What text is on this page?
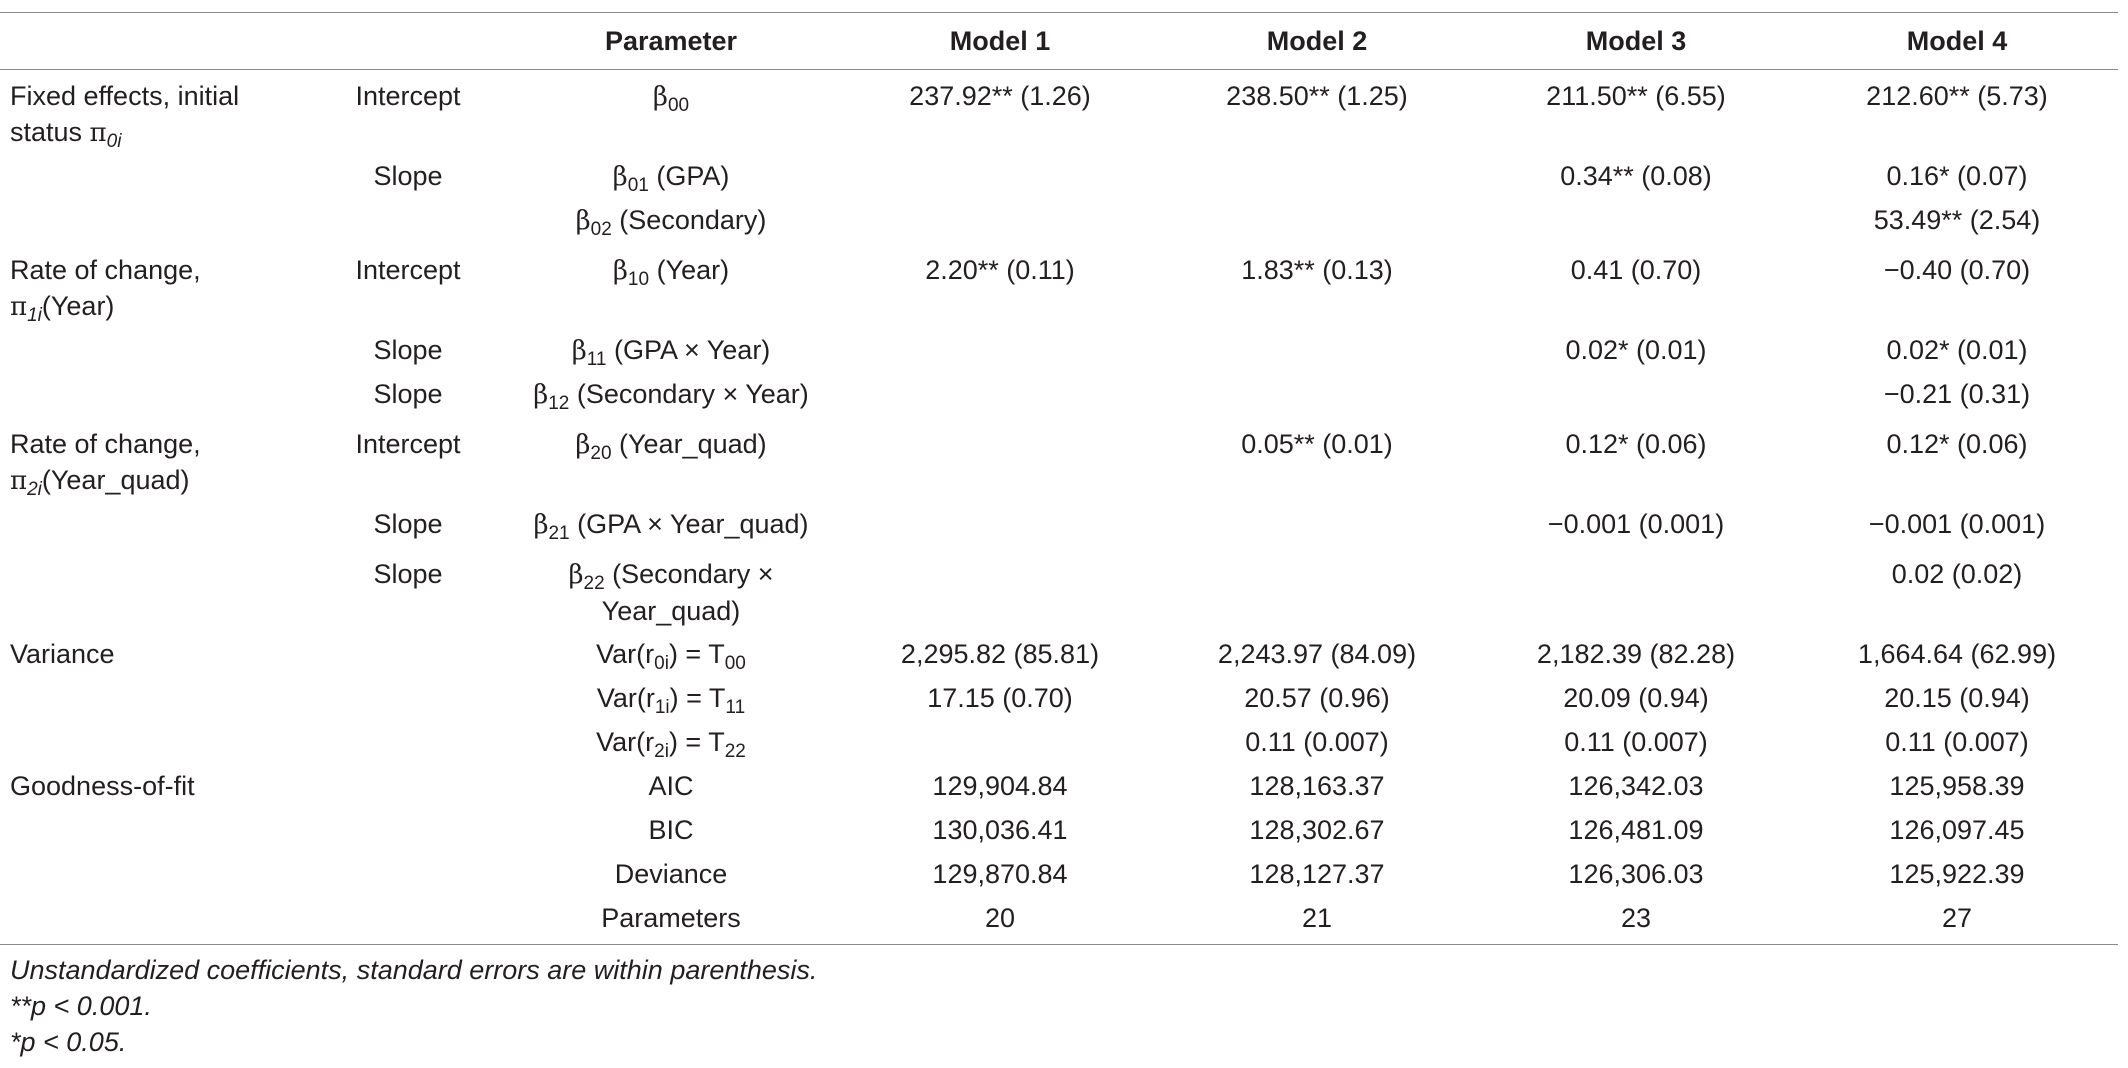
		Parameter	Model 1	Model 2	Model 3	Model 4
Fixed effects, initial status $\pi_{0i}$	Intercept	$\beta_{00}$	237.92** (1.26)	238.50** (1.25)	211.50** (6.55)	212.60** (5.73)
	Slope	$\beta_{01}$ (GPA)			0.34** (0.08)	0.16* (0.07)
		$\beta_{02}$ (Secondary)				53.49** (2.54)
Rate of change, $\pi_{1i}(Year)$	Intercept	$\beta_{10}$ (Year)	2.20** (0.11)	1.83** (0.13)	0.41 (0.70)	−0.40 (0.70)
	Slope	$\beta_{11}$ (GPA × Year)			0.02* (0.01)	0.02* (0.01)
	Slope	$\beta_{12}$ (Secondary × Year)				−0.21 (0.31)
Rate of change, $\pi_{2i}(Year\_quad)$	Intercept	$\beta_{20}$ (Year_quad)		0.05** (0.01)	0.12* (0.06)	0.12* (0.06)
	Slope	$\beta_{21}$ (GPA × Year_quad)			−0.001 (0.001)	−0.001 (0.001)
	Slope	$\beta_{22}$ (Secondary × Year_quad)				0.02 (0.02)
Variance		$Var(r_{0i}) = T_{00}$	2,295.82 (85.81)	2,243.97 (84.09)	2,182.39 (82.28)	1,664.64 (62.99)
		$Var(r_{1i}) = T_{11}$	17.15 (0.70)	20.57 (0.96)	20.09 (0.94)	20.15 (0.94)
		$Var(r_{2i}) = T_{22}$		0.11 (0.007)	0.11 (0.007)	0.11 (0.007)
Goodness-of-fit		AIC	129,904.84	128,163.37	126,342.03	125,958.39
		BIC	130,036.41	128,302.67	126,481.09	126,097.45
		Deviance	129,870.84	128,127.37	126,306.03	125,922.39
		Parameters	20	21	23	27
Unstandardized coefficients, standard errors are within parenthesis.
**p < 0.001.
*p < 0.05.
